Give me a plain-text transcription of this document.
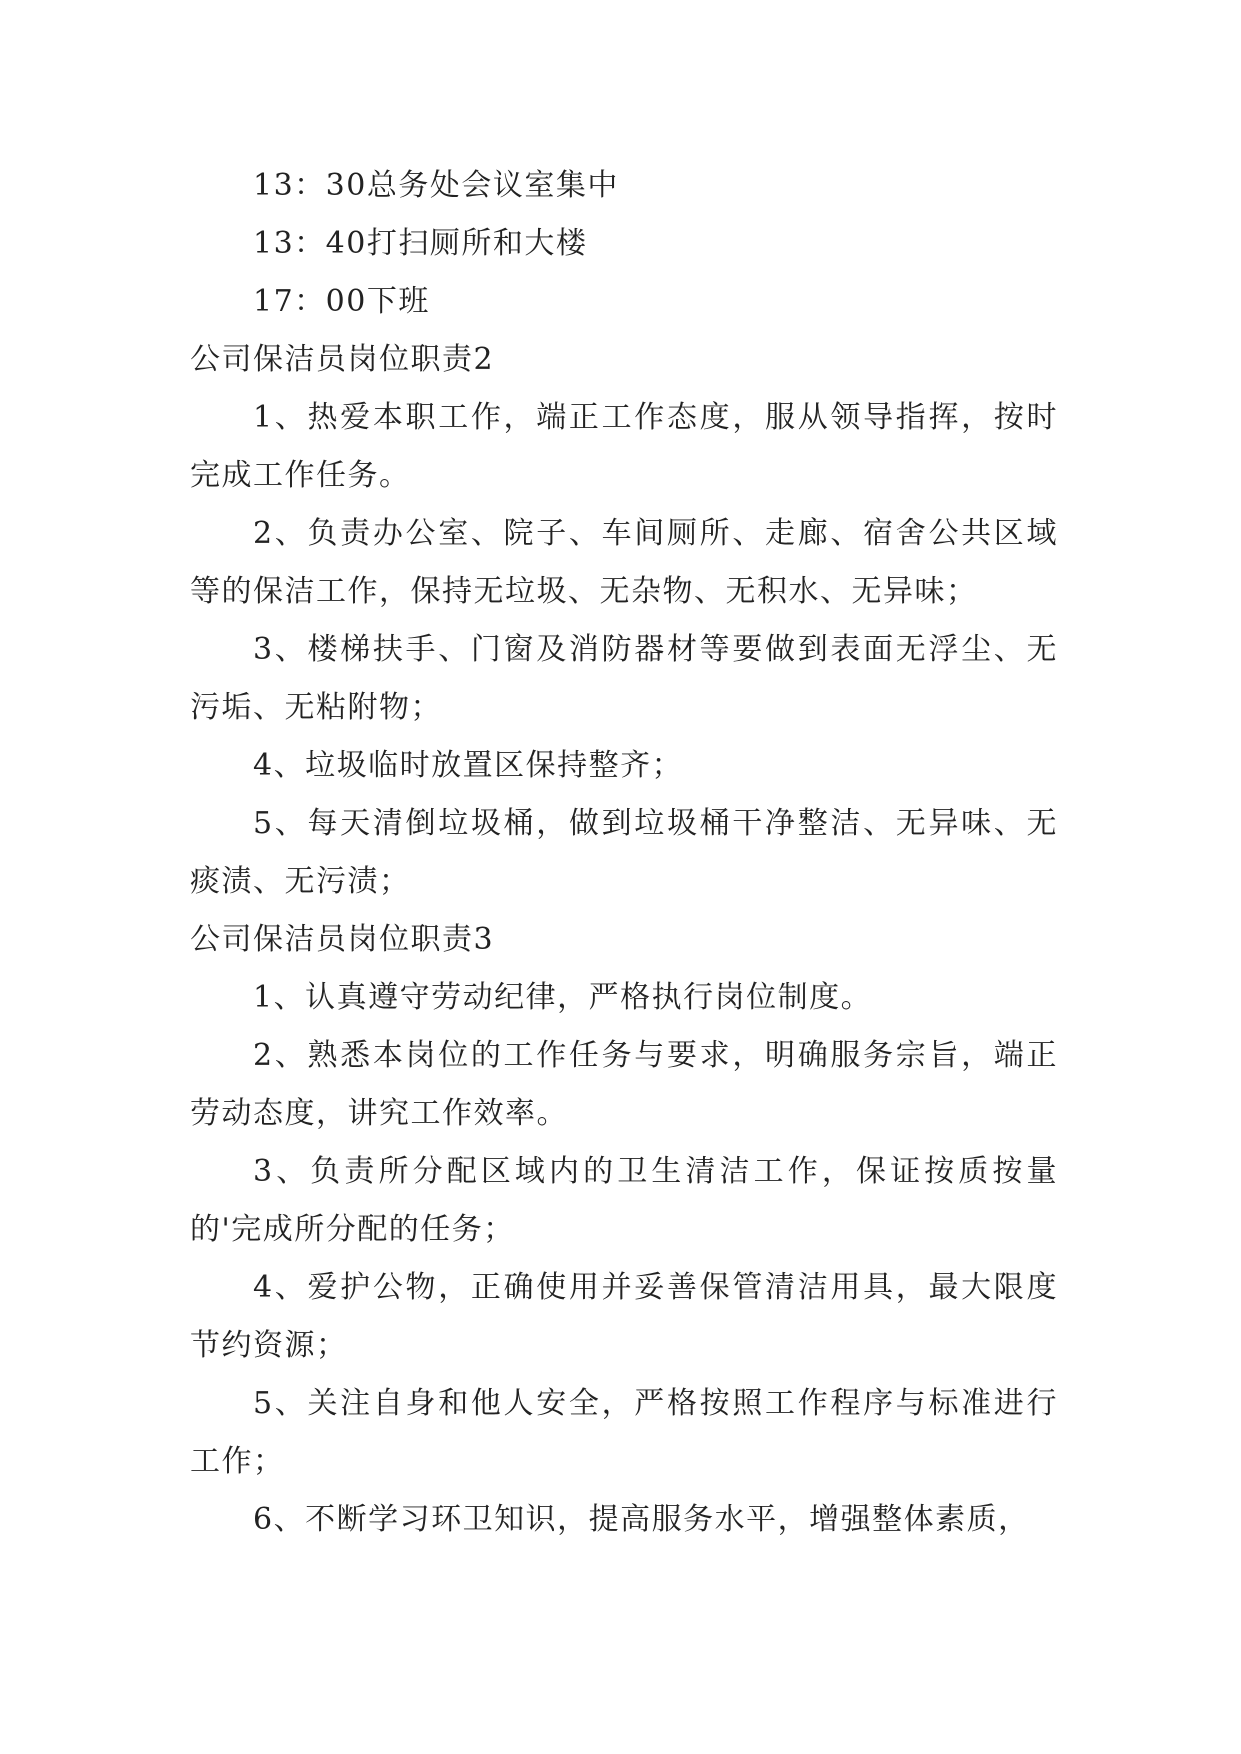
13：30总务处会议室集中

13：40打扫厕所和大楼

17：00下班

公司保洁员岗位职责2

1、热爱本职工作，端正工作态度，服从领导指挥，按时完成工作任务。

2、负责办公室、院子、车间厕所、走廊、宿舍公共区域等的保洁工作，保持无垃圾、无杂物、无积水、无异味；

3、楼梯扶手、门窗及消防器材等要做到表面无浮尘、无污垢、无粘附物；

4、垃圾临时放置区保持整齐；

5、每天清倒垃圾桶，做到垃圾桶干净整洁、无异味、无痰渍、无污渍；

公司保洁员岗位职责3

1、认真遵守劳动纪律，严格执行岗位制度。

2、熟悉本岗位的工作任务与要求，明确服务宗旨，端正劳动态度，讲究工作效率。

3、负责所分配区域内的卫生清洁工作，保证按质按量的'完成所分配的任务；

4、爱护公物，正确使用并妥善保管清洁用具，最大限度节约资源；

5、关注自身和他人安全，严格按照工作程序与标准进行工作；

6、不断学习环卫知识，提高服务水平，增强整体素质，
